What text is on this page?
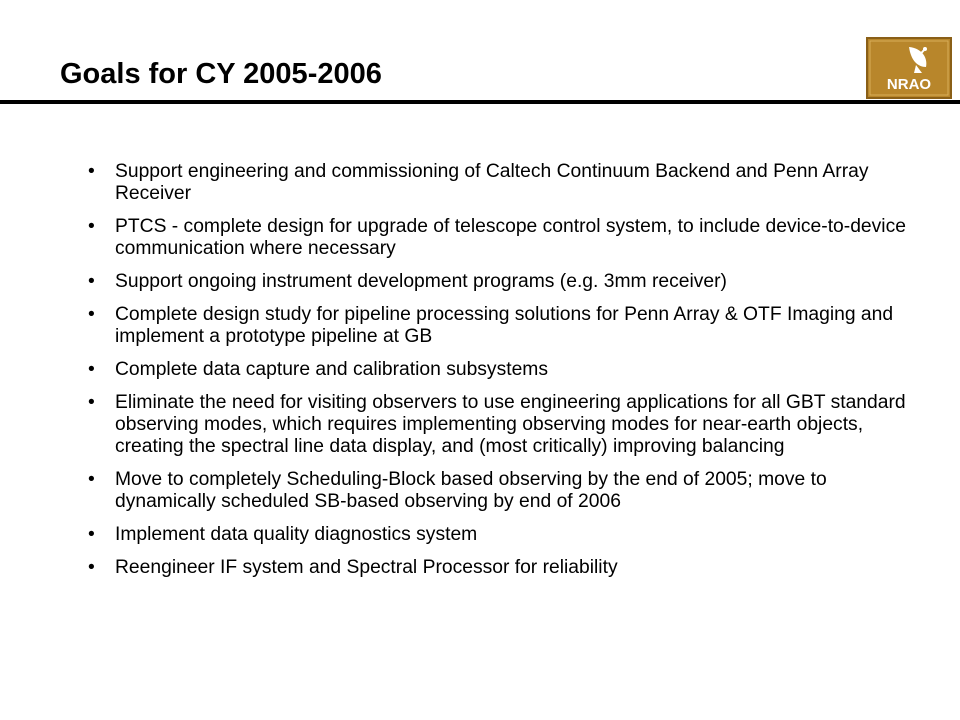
Goals for CY 2005-2006	NRAO
• Support engineering and commissioning of Caltech Continuum Backend and Penn Array Receiver
• PTCS - complete design for upgrade of telescope control system, to include device-to-device communication where necessary
• Support ongoing instrument development programs (e.g. 3mm receiver)
• Complete design study for pipeline processing solutions for Penn Array & OTF Imaging and implement a prototype pipeline at GB
• Complete data capture and calibration subsystems
• Eliminate the need for visiting observers to use engineering applications for all GBT standard observing modes, which requires implementing observing modes for near-earth objects, creating the spectral line data display, and (most critically) improving balancing
• Move to completely Scheduling-Block based observing by the end of 2005; move to dynamically scheduled SB-based observing by end of 2006
• Implement data quality diagnostics system
• Reengineer IF system and Spectral Processor for reliability
